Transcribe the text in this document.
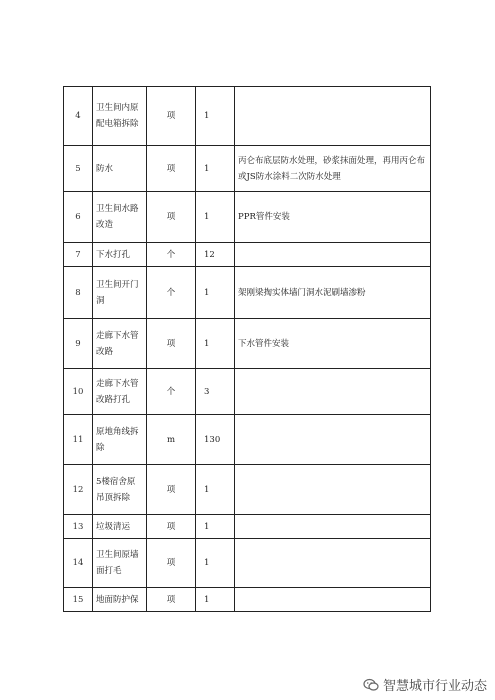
4	卫生间内原配电箱拆除	项	1	

5	防水	项	1	丙仑布底层防水处理，砂浆抹面处理，再用丙仑布或JS防水涂料二次防水处理

6	卫生间水路改造	项	1	PPR管件安装

7	下水打孔	个	12	

8	卫生间开门洞	个	1	架刚梁掏实体墙门洞水泥刷墙渗粉

9	走廊下水管改路	项	1	下水管件安装

10	走廊下水管改路打孔	个	3	

11	原地角线拆除	m	130	

12	5楼宿舍原吊顶拆除	项	1	

13	垃圾清运	项	1	

14	卫生间原墙面打毛	项	1	

15	地面防护保	项	1	

智慧城市行业动态
